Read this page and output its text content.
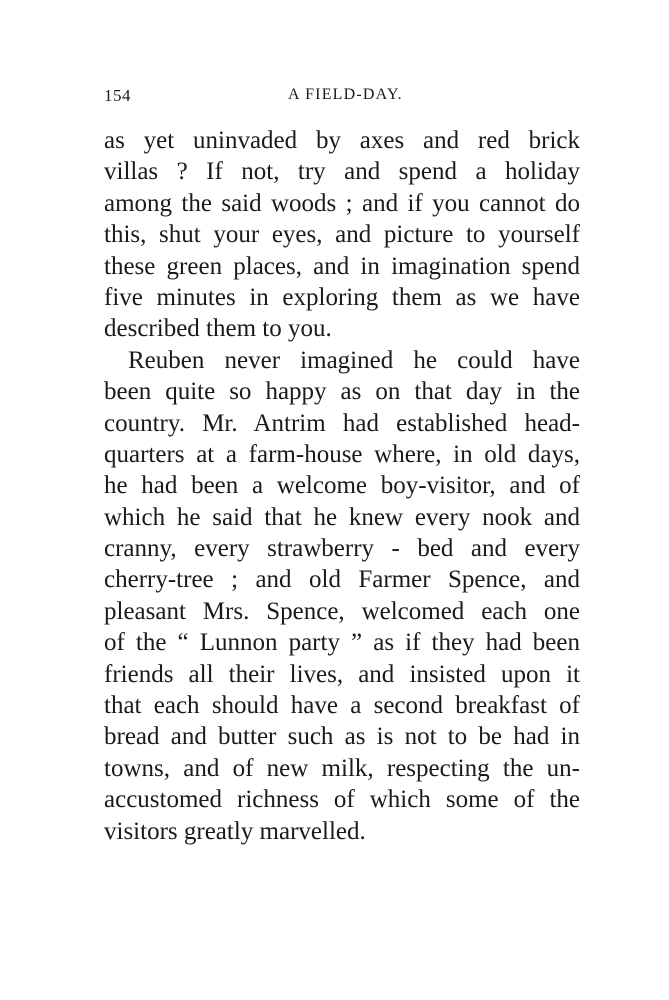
154	A FIELD-DAY.
as yet uninvaded by axes and red brick
villas ? If not, try and spend a holiday
among the said woods ; and if you cannot do
this, shut your eyes, and picture to yourself
these green places, and in imagination spend
five minutes in exploring them as we have
described them to you.
Reuben never imagined he could have
been quite so happy as on that day in the
country. Mr. Antrim had established head-
quarters at a farm-house where, in old days,
he had been a welcome boy-visitor, and of
which he said that he knew every nook and
cranny, every strawberry - bed and every
cherry-tree ; and old Farmer Spence, and
pleasant Mrs. Spence, welcomed each one
of the “ Lunnon party ” as if they had been
friends all their lives, and insisted upon it
that each should have a second breakfast of
bread and butter such as is not to be had in
towns, and of new milk, respecting the un-
accustomed richness of which some of the
visitors greatly marvelled.
